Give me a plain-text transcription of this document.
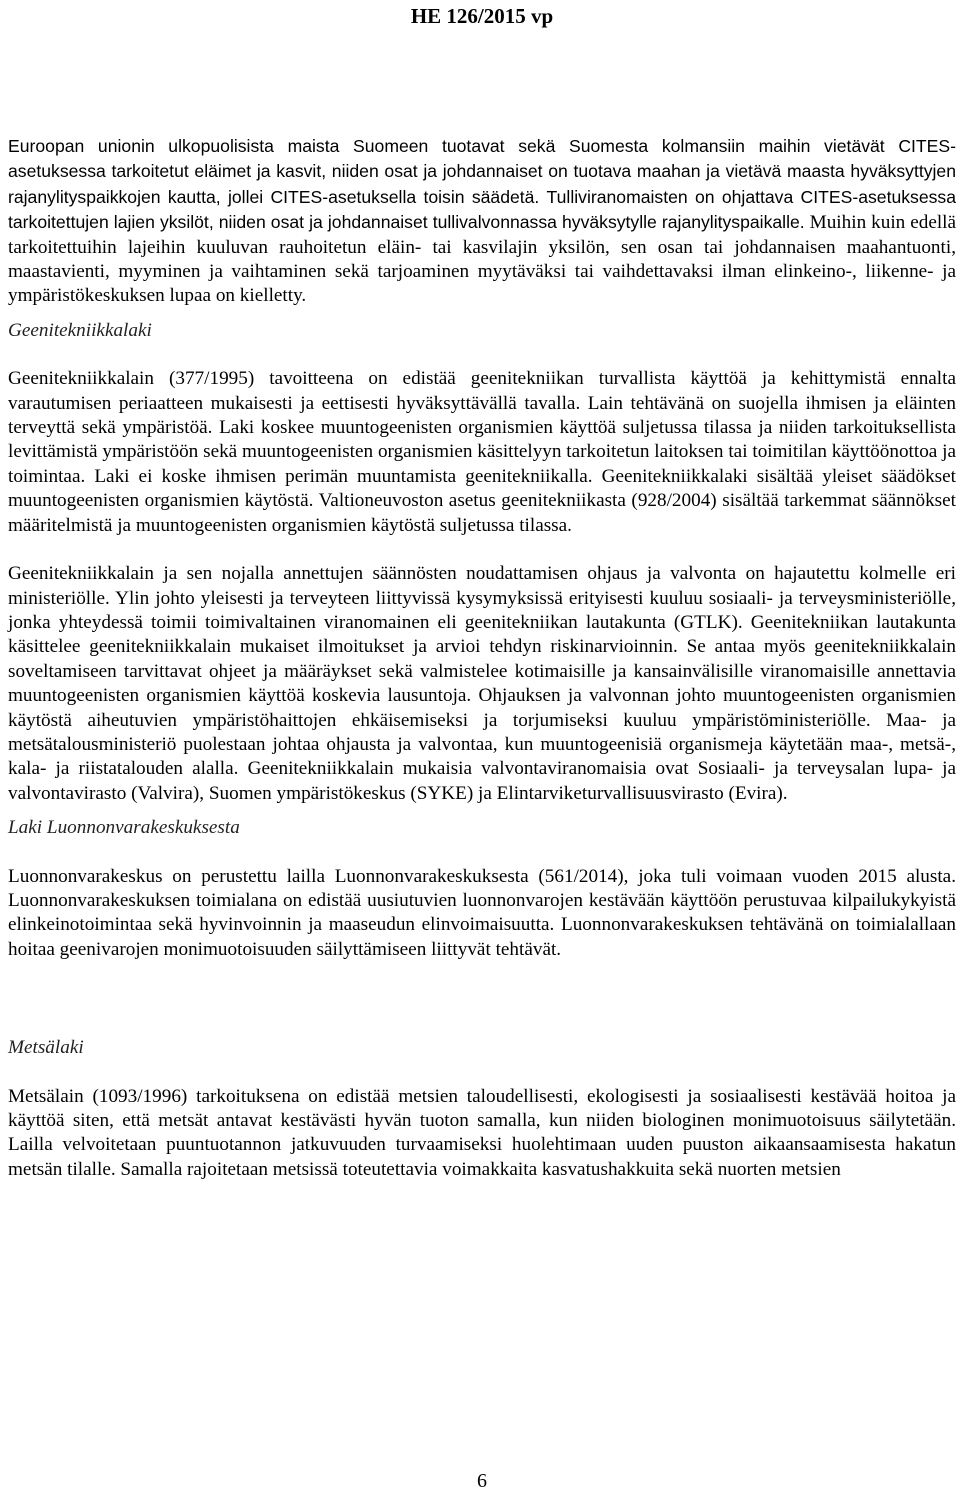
HE 126/2015 vp

Euroopan unionin ulkopuolisista maista Suomeen tuotavat sekä Suomesta kolmansiin maihin vietävät CITES-asetuksessa tarkoitetut eläimet ja kasvit, niiden osat ja johdannaiset on tuotava maahan ja vietävä maasta hyväksyttyjen rajanylityspaikkojen kautta, jollei CITES-asetuksella toisin säädetä. Tulliviranomaisten on ohjattava CITES-asetuksessa tarkoitettujen lajien yksilöt, niiden osat ja johdannaiset tullivalvonnassa hyväksytylle rajanylityspaikalle. Muihin kuin edellä tarkoitettuihin lajeihin kuuluvan rauhoitetun eläin- tai kasvilajin yksilön, sen osan tai johdannaisen maahantuonti, maastavienti, myyminen ja vaihtaminen sekä tarjoaminen myytäväksi tai vaihdettavaksi ilman elinkeino-, liikenne- ja ympäristökeskuksen lupaa on kielletty.

Geenitekniikkalaki

Geenitekniikkalain (377/1995) tavoitteena on edistää geenitekniikan turvallista käyttöä ja kehittymistä ennalta varautumisen periaatteen mukaisesti ja eettisesti hyväksyttävällä tavalla. Lain tehtävänä on suojella ihmisen ja eläinten terveyttä sekä ympäristöä. Laki koskee muuntogeenisten organismien käyttöä suljetussa tilassa ja niiden tarkoituksellista levittämistä ympäristöön sekä muuntogeenisten organismien käsittelyyn tarkoitetun laitoksen tai toimitilan käyttöönottoa ja toimintaa. Laki ei koske ihmisen perimän muuntamista geenitekniikalla. Geenitekniikkalaki sisältää yleiset säädökset muuntogeenisten organismien käytöstä. Valtioneuvoston asetus geenitekniikasta (928/2004) sisältää tarkemmat säännökset määritelmistä ja muuntogeenisten organismien käytöstä suljetussa tilassa.

Geenitekniikkalain ja sen nojalla annettujen säännösten noudattamisen ohjaus ja valvonta on hajautettu kolmelle eri ministeriölle. Ylin johto yleisesti ja terveyteen liittyvissä kysymyksissä erityisesti kuuluu sosiaali- ja terveysministeriölle, jonka yhteydessä toimii toimivaltainen viranomainen eli geenitekniikan lautakunta (GTLK). Geenitekniikan lautakunta käsittelee geenitekniikkalain mukaiset ilmoitukset ja arvioi tehdyn riskinarvioinnin. Se antaa myös geenitekniikkalain soveltamiseen tarvittavat ohjeet ja määräykset sekä valmistelee kotimaisille ja kansainvälisille viranomaisille annettavia muuntogeenisten organismien käyttöä koskevia lausuntoja. Ohjauksen ja valvonnan johto muuntogeenisten organismien käytöstä aiheutuvien ympäristöhaittojen ehkäisemiseksi ja torjumiseksi kuuluu ympäristöministeriölle. Maa- ja metsätalousministeriö puolestaan johtaa ohjausta ja valvontaa, kun muuntogeenisiä organismeja käytetään maa-, metsä-, kala- ja riistatalouden alalla. Geenitekniikkalain mukaisia valvontaviranomaisia ovat Sosiaali- ja terveysalan lupa- ja valvontavirasto (Valvira), Suomen ympäristökeskus (SYKE) ja Elintarviketurvallisuusvirasto (Evira).

Laki Luonnonvarakeskuksesta

Luonnonvarakeskus on perustettu lailla Luonnonvarakeskuksesta (561/2014), joka tuli voimaan vuoden 2015 alusta. Luonnonvarakeskuksen toimialana on edistää uusiutuvien luonnonvarojen kestävään käyttöön perustuvaa kilpailukykyistä elinkeinotoimintaa sekä hyvinvoinnin ja maaseudun elinvoimaisuutta. Luonnonvarakeskuksen tehtävänä on toimialallaan hoitaa geenivarojen monimuotoisuuden säilyttämiseen liittyvät tehtävät.

Metsälaki

Metsälain (1093/1996) tarkoituksena on edistää metsien taloudellisesti, ekologisesti ja sosiaalisesti kestävää hoitoa ja käyttöä siten, että metsät antavat kestävästi hyvän tuoton samalla, kun niiden biologinen monimuotoisuus säilytetään. Lailla velvoitetaan puuntuotannon jatkuvuuden turvaamiseksi huolehtimaan uuden puuston aikaansaamisesta hakatun metsän tilalle. Samalla rajoitetaan metsissä toteutettavia voimakkaita kasvatushakkuita sekä nuorten metsien

6
